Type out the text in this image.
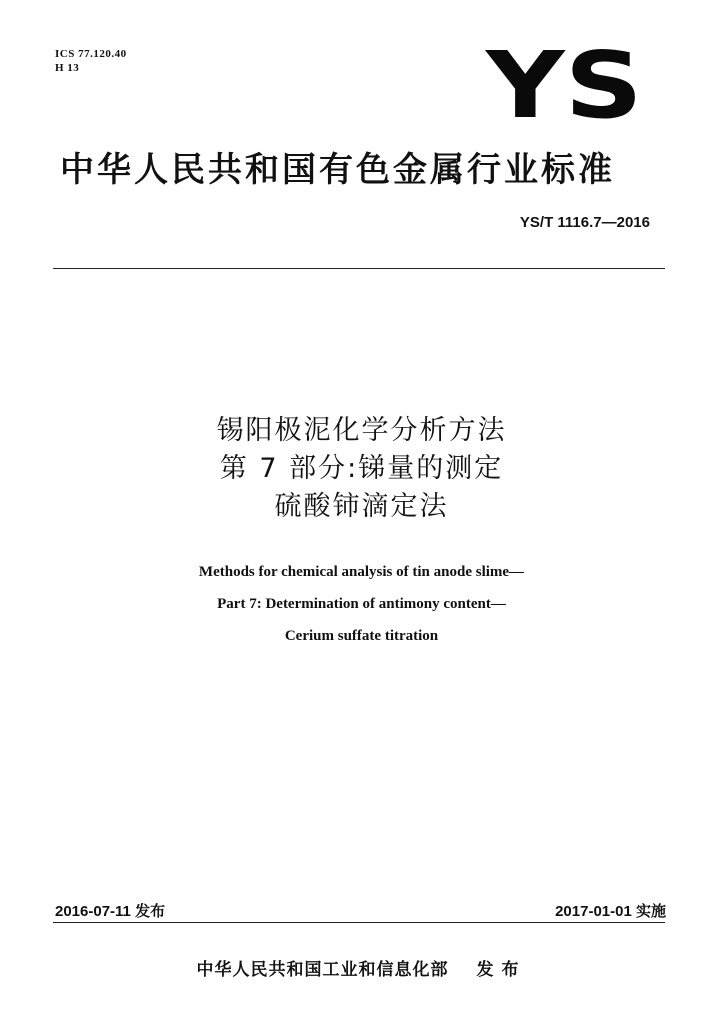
ICS 77.120.40
H 13	YS
中华人民共和国有色金属行业标准
YS/T 1116.7—2016
锡阳极泥化学分析方法
第 7 部分:锑量的测定
硫酸铈滴定法
Methods for chemical analysis of tin anode slime—
Part 7: Determination of antimony content—
Cerium suffate titration
2016-07-11 发布	2017-01-01 实施
中华人民共和国工业和信息化部 发布
